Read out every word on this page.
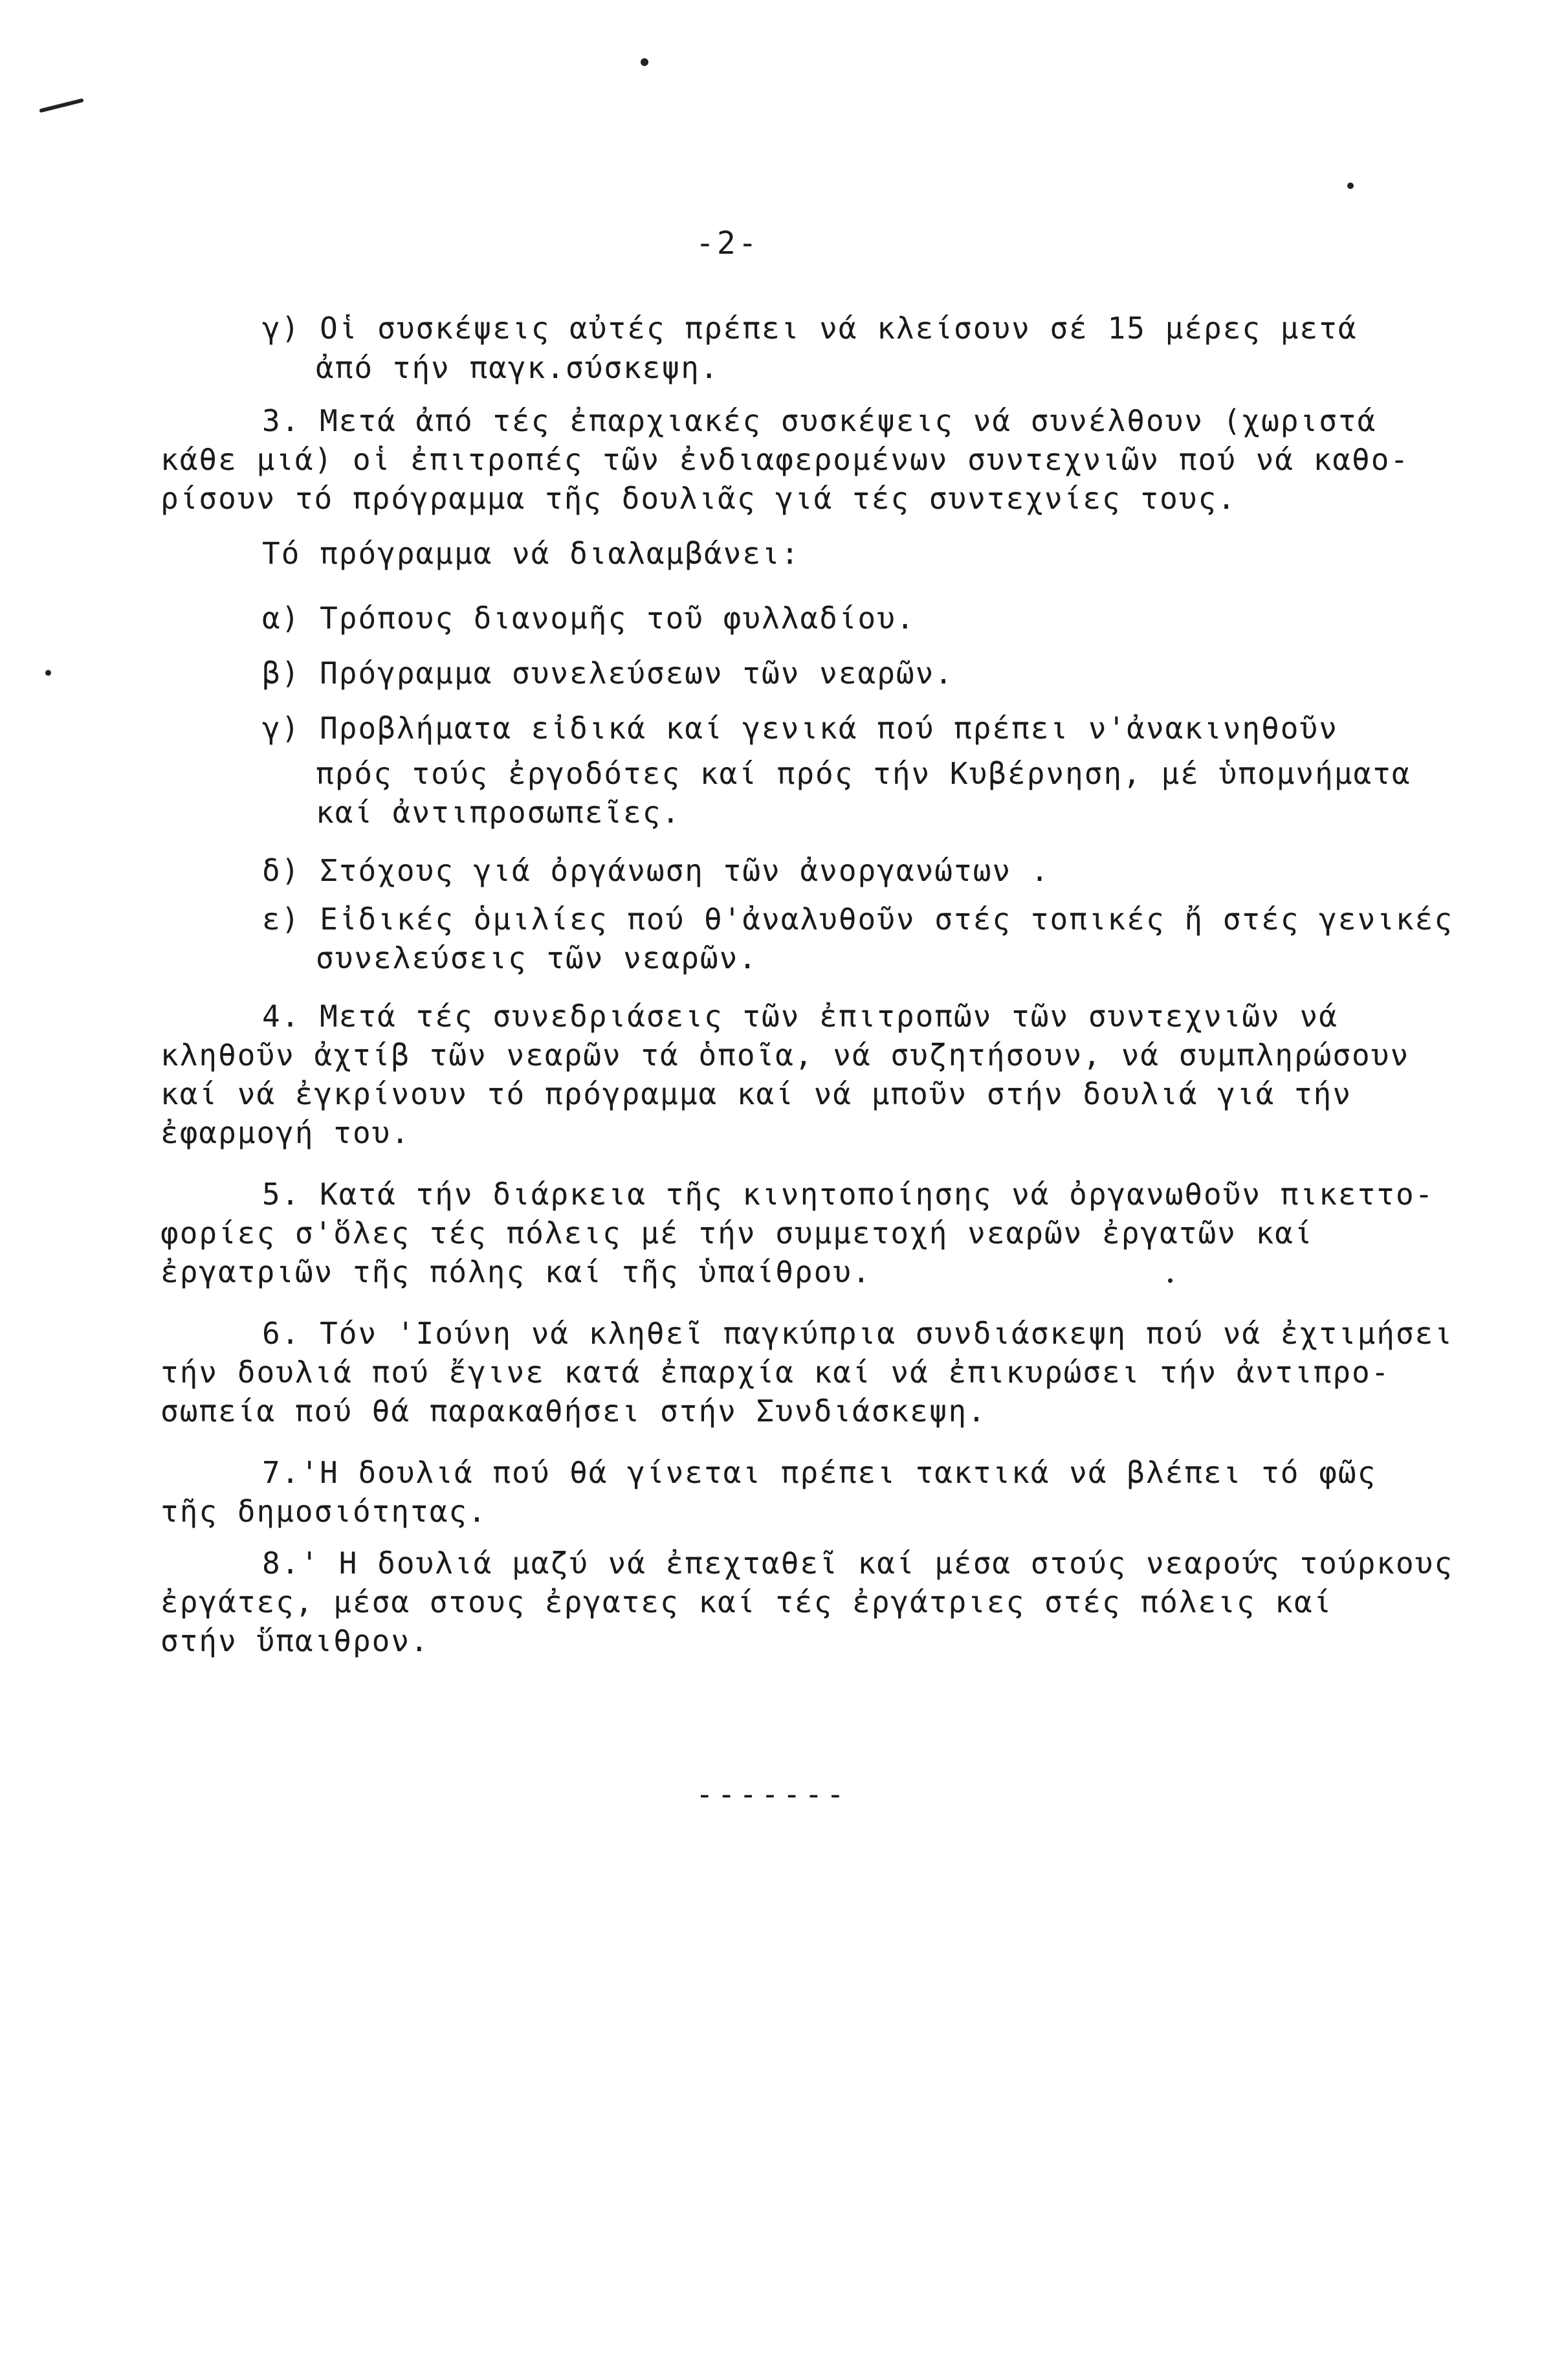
-2-
γ) Οἱ συσκέψεις αὐτές πρέπει νά κλείσουν σέ 15 μέρες μετά
ἀπό τήν παγκ.σύσκεψη.
3. Μετά ἀπό τές ἐπαρχιακές συσκέψεις νά συνέλθουν (χωριστά
κάθε μιά) οἱ ἐπιτροπές τῶν ἐνδιαφερομένων συντεχνιῶν πού νά καθο-
ρίσουν τό πρόγραμμα τῆς δουλιᾶς γιά τές συντεχνίες τους.
Τό πρόγραμμα νά διαλαμβάνει:
α) Τρόπους διανομῆς τοῦ φυλλαδίου.
β) Πρόγραμμα συνελεύσεων τῶν νεαρῶν.
γ) Προβλήματα εἰδικά καί γενικά πού πρέπει ν'ἀνακινηθοῦν
πρός τούς ἐργοδότες καί πρός τήν Κυβέρνηση, μέ ὑπομνήματα
καί ἀντιπροσωπεῖες.
δ) Στόχους γιά ὀργάνωση τῶν ἀνοργανώτων .
ε) Εἰδικές ὁμιλίες πού θ'ἀναλυθοῦν στές τοπικές ἤ στές γενικές
συνελεύσεις τῶν νεαρῶν.
4. Μετά τές συνεδριάσεις τῶν ἐπιτροπῶν τῶν συντεχνιῶν νά
κληθοῦν ἀχτίβ τῶν νεαρῶν τά ὁποῖα, νά συζητήσουν, νά συμπληρώσουν
καί νά ἐγκρίνουν τό πρόγραμμα καί νά μποῦν στήν δουλιά γιά τήν
ἐφαρμογή του.
5. Κατά τήν διάρκεια τῆς κινητοποίησης νά ὀργανωθοῦν πικεττο-
φορίες σ'ὅλες τές πόλεις μέ τήν συμμετοχή νεαρῶν ἐργατῶν καί
ἐργατριῶν τῆς πόλης καί τῆς ὑπαίθρου.
6. Τόν 'Ιούνη νά κληθεῖ παγκύπρια συνδιάσκεψη πού νά ἐχτιμήσει
τήν δουλιά πού ἔγινε κατά ἐπαρχία καί νά ἐπικυρώσει τήν ἀντιπρο-
σωπεία πού θά παρακαθήσει στήν Συνδιάσκεψη.
7.'Η δουλιά πού θά γίνεται πρέπει τακτικά νά βλέπει τό φῶς
τῆς δημοσιότητας.
8.' Η δουλιά μαζύ νά ἐπεχταθεῖ καί μέσα στούς νεαρούς τούρκους
ἐργάτες, μέσα στους ἐργατες καί τές ἐργάτριες στές πόλεις καί
στήν ὕπαιθρον.
-------
